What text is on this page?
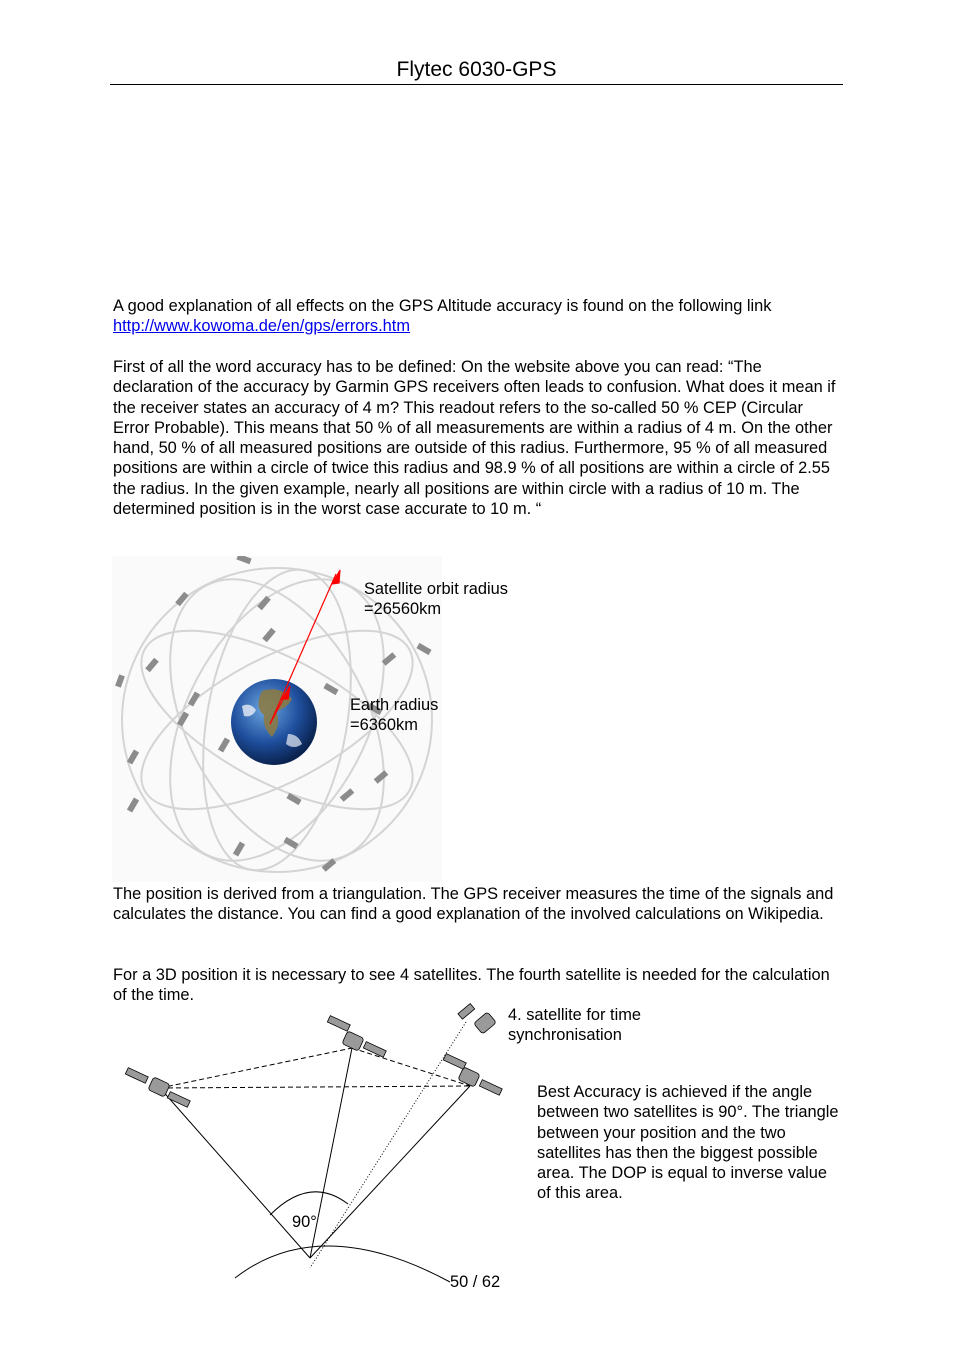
Flytec 6030-GPS
A good explanation of all effects on the GPS Altitude accuracy is found on the following link
http://www.kowoma.de/en/gps/errors.htm
First of all the word accuracy has to be defined: On the website above you can read: “The declaration of the accuracy by Garmin GPS receivers often leads to confusion. What does it mean if the receiver states an accuracy of 4 m? This readout refers to the so-called 50 % CEP (Circular Error Probable). This means that 50 % of all measurements are within a radius of 4 m. On the other hand, 50 % of all measured positions are outside of this radius. Furthermore, 95 % of all measured positions are within a circle of twice this radius and 98.9 % of all positions are within a circle of 2.55 the radius. In the given example, nearly all positions are within circle with a radius of 10 m. The determined position is in the worst case accurate to 10 m. “
Satellite orbit radius
=26560km
Earth radius
=6360km
The position is derived from a triangulation. The GPS receiver measures the time of the signals and calculates the distance. You can find a good explanation of the involved calculations on Wikipedia.
For a 3D position it is necessary to see 4 satellites. The fourth satellite is needed for the calculation of the time.
4. satellite for time
synchronisation
90°
Best Accuracy is achieved if the angle between two satellites is 90°. The triangle between your position and the two satellites has then the biggest possible area. The DOP is equal to inverse value of this area.
50 / 62
